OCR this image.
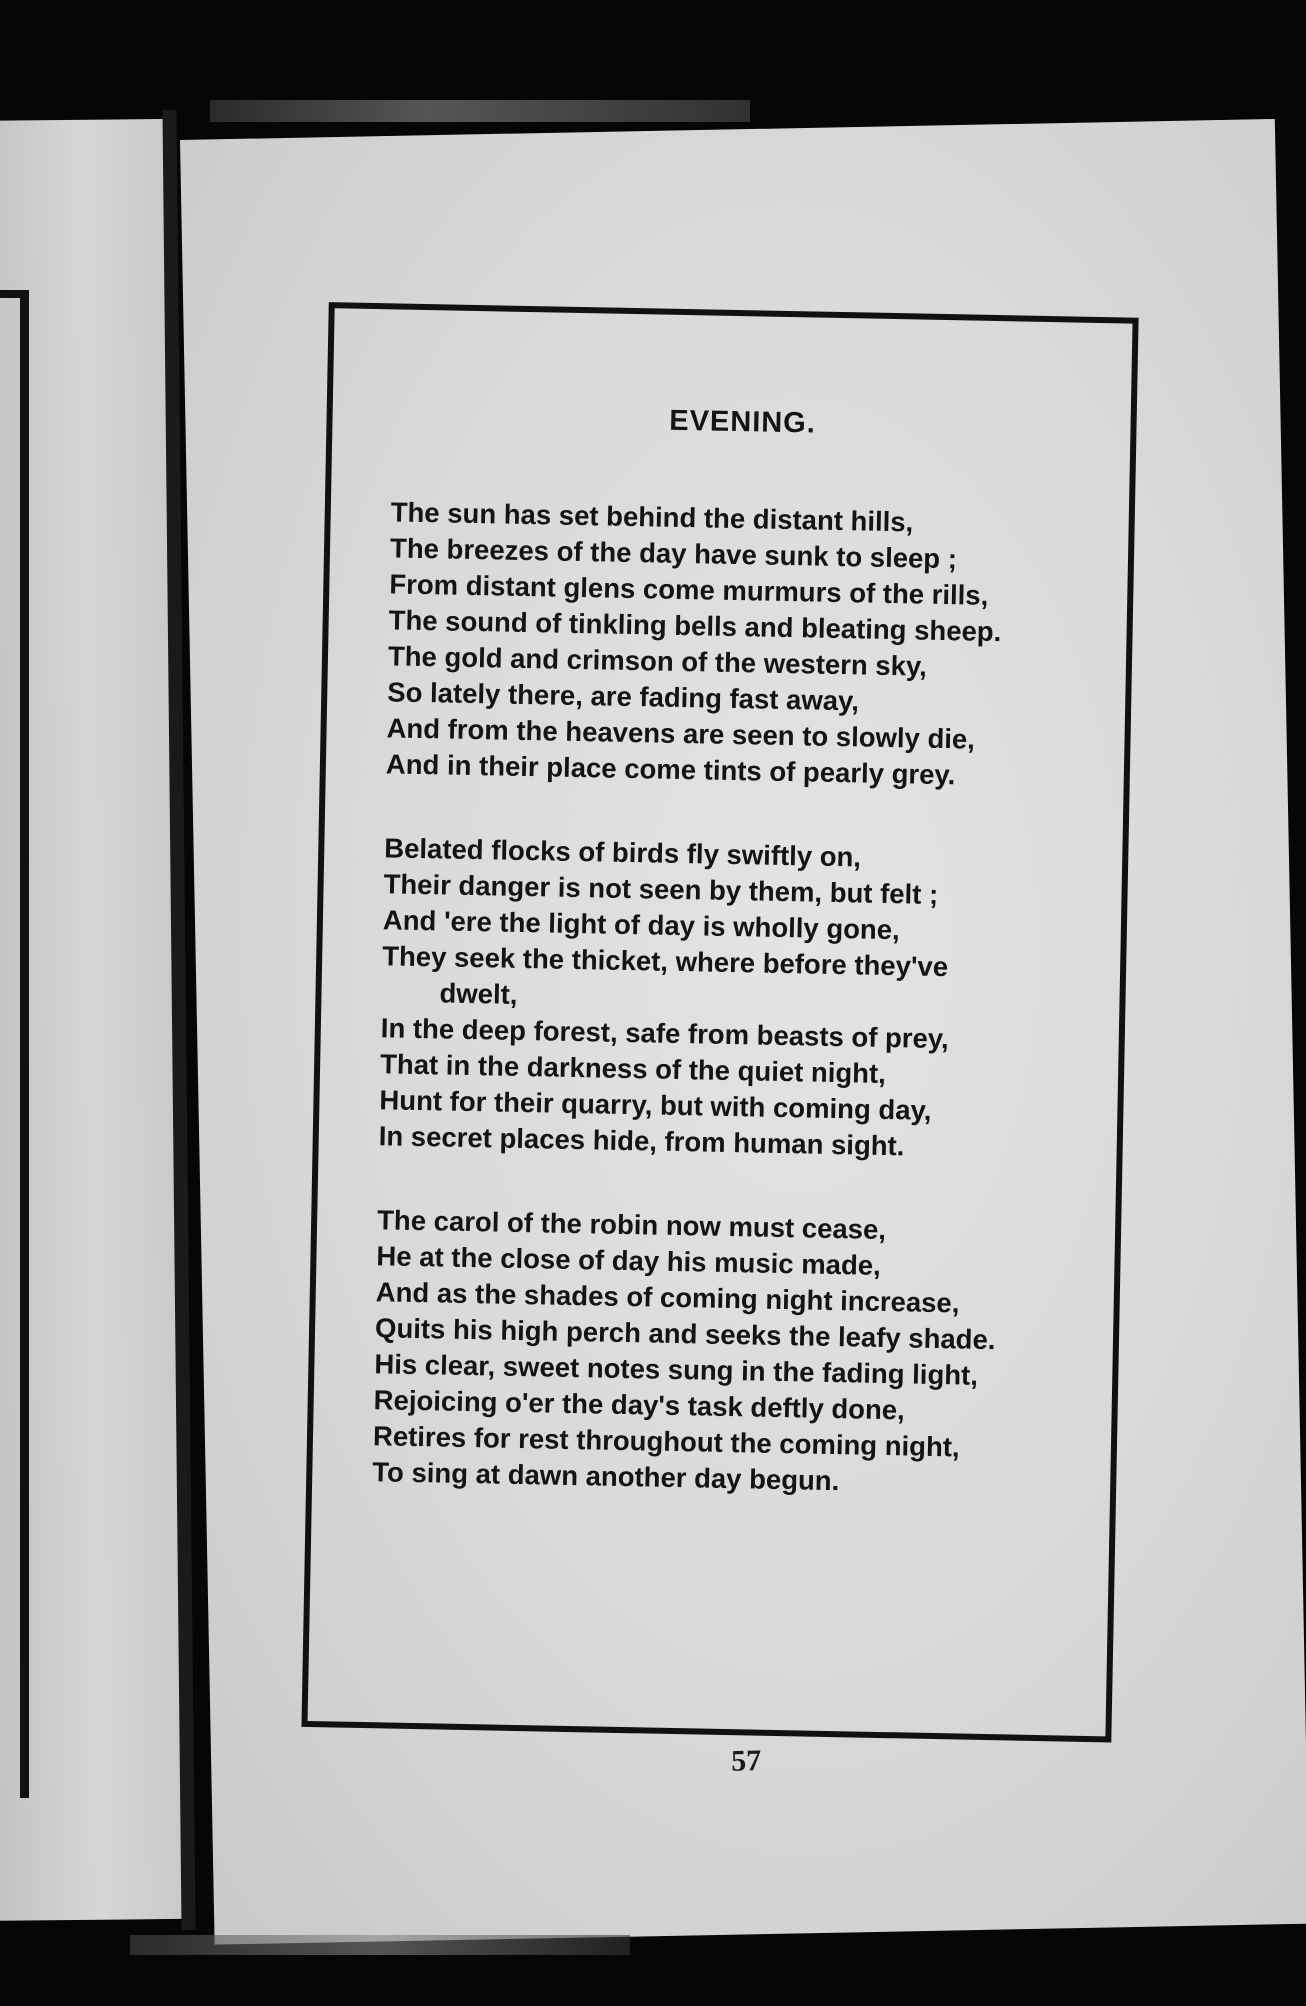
EVENING.
The sun has set behind the distant hills,
The breezes of the day have sunk to sleep ;
From distant glens come murmurs of the rills,
The sound of tinkling bells and bleating sheep.
The gold and crimson of the western sky,
So lately there, are fading fast away,
And from the heavens are seen to slowly die,
And in their place come tints of pearly grey.
Belated flocks of birds fly swiftly on,
Their danger is not seen by them, but felt ;
And 'ere the light of day is wholly gone,
They seek the thicket, where before they've
dwelt,
In the deep forest, safe from beasts of prey,
That in the darkness of the quiet night,
Hunt for their quarry, but with coming day,
In secret places hide, from human sight.
The carol of the robin now must cease,
He at the close of day his music made,
And as the shades of coming night increase,
Quits his high perch and seeks the leafy shade.
His clear, sweet notes sung in the fading light,
Rejoicing o'er the day's task deftly done,
Retires for rest throughout the coming night,
To sing at dawn another day begun.
57
